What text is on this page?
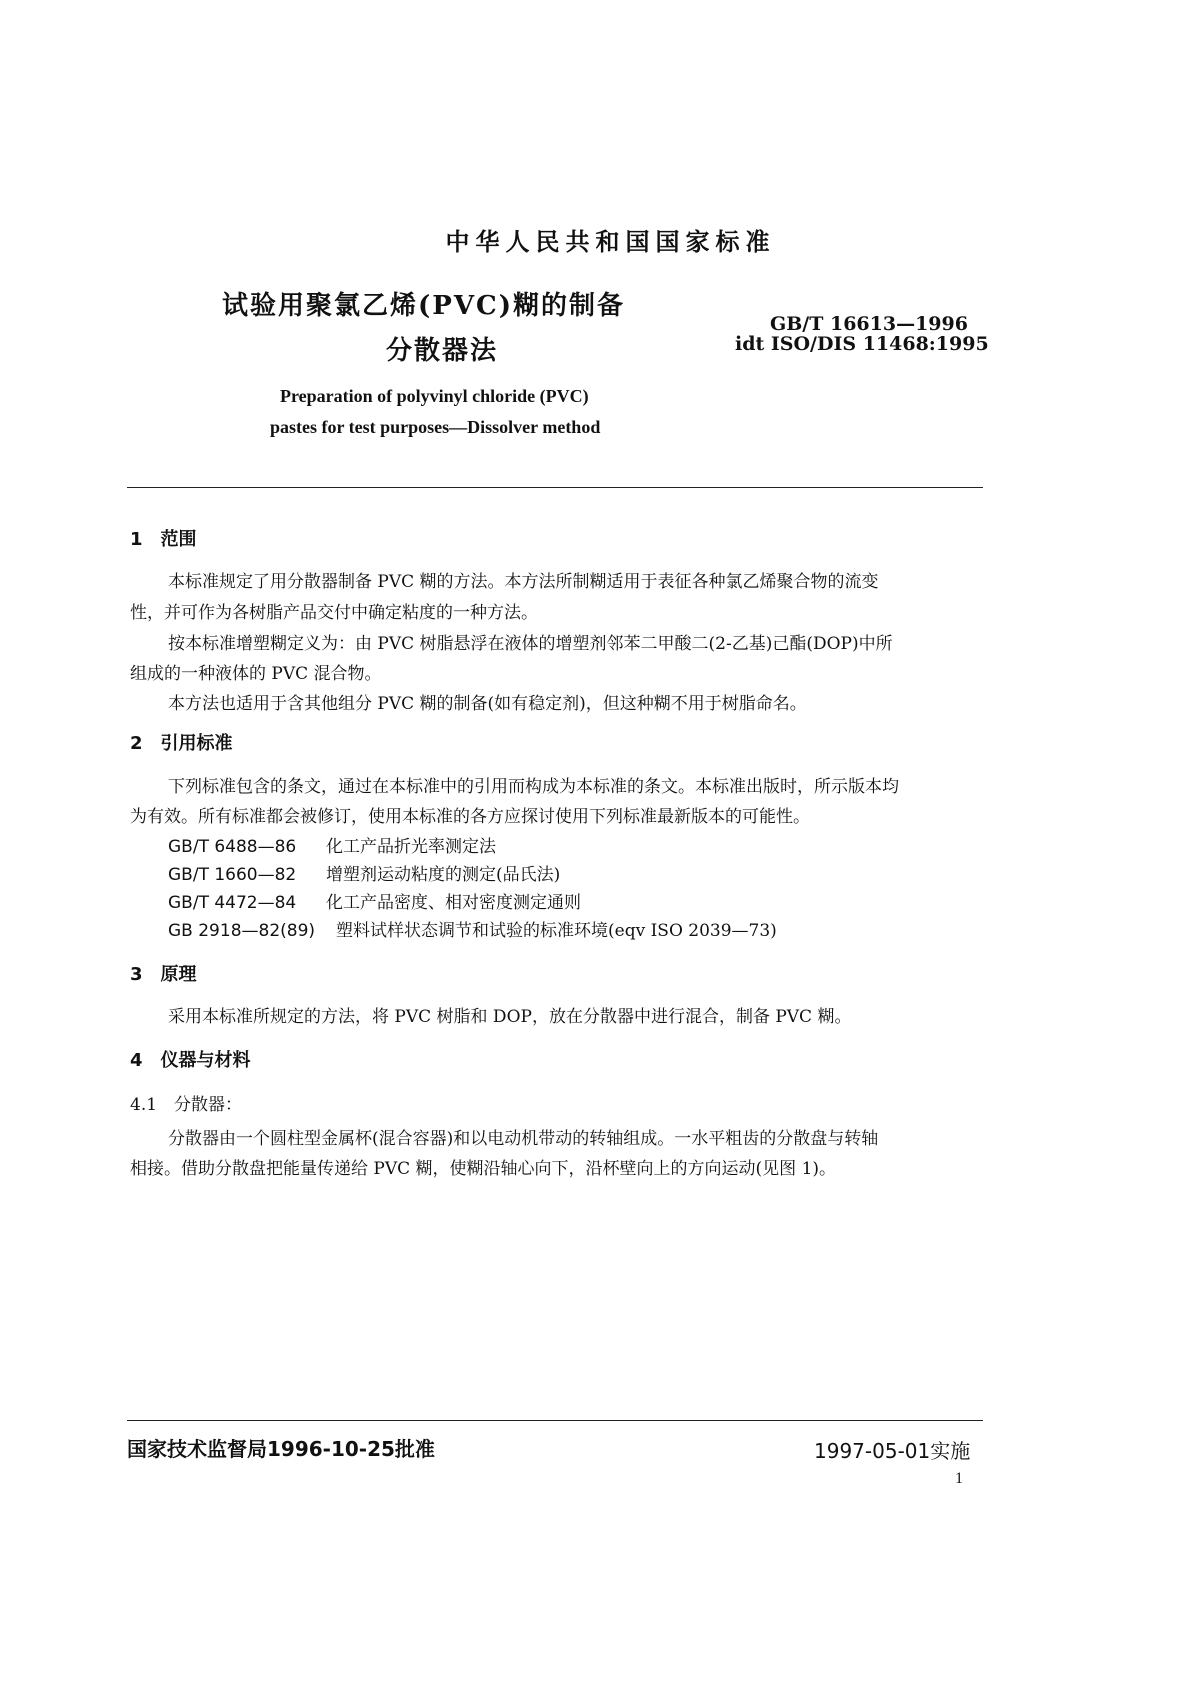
中华人民共和国国家标准
试验用聚氯乙烯(PVC)糊的制备
分散器法
GB/T 16613—1996
idt ISO/DIS 11468:1995
Preparation of polyvinyl chloride (PVC)
pastes for test purposes—Dissolver method
1　范围
本标准规定了用分散器制备 PVC 糊的方法。本方法所制糊适用于表征各种氯乙烯聚合物的流变
性，并可作为各树脂产品交付中确定粘度的一种方法。
按本标准增塑糊定义为：由 PVC 树脂悬浮在液体的增塑剂邻苯二甲酸二(2-乙基)己酯(DOP)中所
组成的一种液体的 PVC 混合物。
本方法也适用于含其他组分 PVC 糊的制备(如有稳定剂)，但这种糊不用于树脂命名。
2　引用标准
下列标准包含的条文，通过在本标准中的引用而构成为本标准的条文。本标准出版时，所示版本均
为有效。所有标准都会被修订，使用本标准的各方应探讨使用下列标准最新版本的可能性。
GB/T 6488—86 化工产品折光率测定法
GB/T 1660—82 增塑剂运动粘度的测定(品氏法)
GB/T 4472—84 化工产品密度、相对密度测定通则
GB 2918—82(89) 塑料试样状态调节和试验的标准环境(eqv ISO 2039—73)
3　原理
采用本标准所规定的方法，将 PVC 树脂和 DOP，放在分散器中进行混合，制备 PVC 糊。
4　仪器与材料
4.1　分散器：
分散器由一个圆柱型金属杯(混合容器)和以电动机带动的转轴组成。一水平粗齿的分散盘与转轴
相接。借助分散盘把能量传递给 PVC 糊，使糊沿轴心向下，沿杯壁向上的方向运动(见图 1)。
国家技术监督局1996-10-25批准	1997-05-01实施
1
